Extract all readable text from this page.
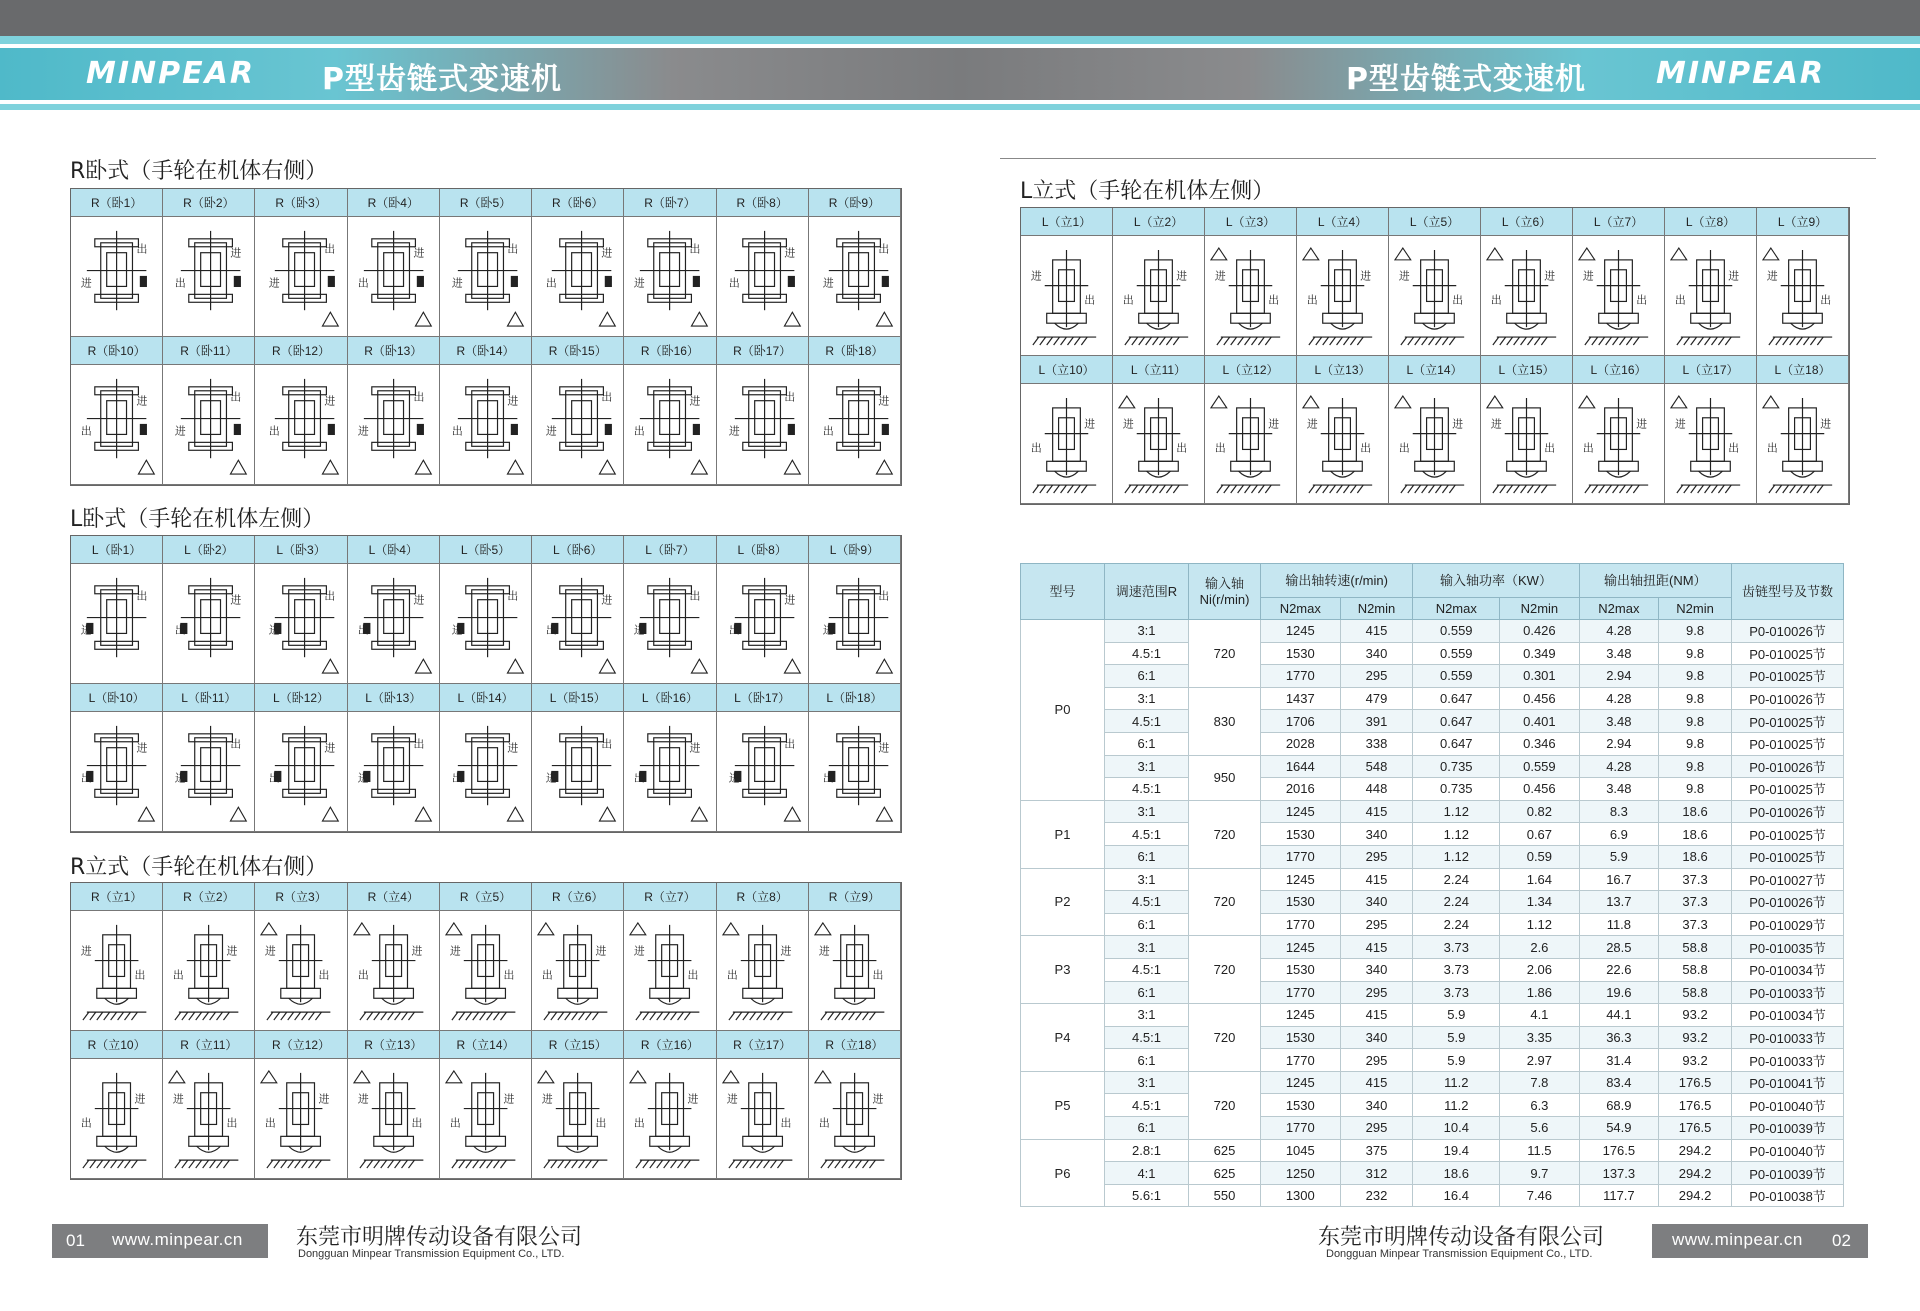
MINPEAR P型齿链式变速机	P型齿链式变速机 MINPEAR
R卧式（手轮在机体右侧）
L卧式（手轮在机体左侧）
R立式（手轮在机体右侧）
R（卧1）	R（卧2）	R（卧3）	R（卧4）	R（卧5）	R（卧6）	R（卧7）	R（卧8）	R（卧9）
进
出	进
出	进
出	进
出	进
出	进
出	进
出	进
出	进
出
R（卧10）	R（卧11）	R（卧12）	R（卧13）	R（卧14）	R（卧15）	R（卧16）	R（卧17）	R（卧18）
进
出	进
出	进
出	进
出	进
出	进
出	进
出	进
出	进
出
L（卧1）	L（卧2）	L（卧3）	L（卧4）	L（卧5）	L（卧6）	L（卧7）	L（卧8）	L（卧9）
进
出	进
出	进
出	进
出	进
出	进
出	进
出	进
出	进
出
L（卧10）	L（卧11）	L（卧12）	L（卧13）	L（卧14）	L（卧15）	L（卧16）	L（卧17）	L（卧18）
进
出	进
出	进
出	进
出	进
出	进
出	进
出	进
出	进
出
R（立1）	R（立2）	R（立3）	R（立4）	R（立5）	R（立6）	R（立7）	R（立8）	R（立9）
进
出
进
出
进
出
进
出
进
出
进
出
进
出
进
出
进
出
R（立10）	R（立11）	R（立12）	R（立13）	R（立14）	R（立15）	R（立16）	R（立17）	R（立18）
进
出
进
出
进
出
进
出
进
出
进
出
进
出
进
出
进
出
L立式（手轮在机体左侧）
L（立1）	L（立2）	L（立3）	L（立4）	L（立5）	L（立6）	L（立7）	L（立8）	L（立9）
进
出
进
出
进
出
进
出
进
出
进
出
进
出
进
出
进
出
L（立10）	L（立11）	L（立12）	L（立13）	L（立14）	L（立15）	L（立16）	L（立17）	L（立18）
进
出
进
出
进
出
进
出
进
出
进
出
进
出
进
出
进
出
型号	调速范围R	输入轴Ni(r/min)	输出轴转速(r/min)		输入轴功率（KW）		输出轴扭距(NM）		齿链型号及节数
			N2max	N2min	N2max	N2min	N2max	N2min	
P0	3:1	720	1245	415	0.559	0.426	4.28	9.8	P0-010026节
	4.5:1		1530	340	0.559	0.349	3.48	9.8	P0-010025节
	6:1		1770	295	0.559	0.301	2.94	9.8	P0-010025节
	3:1	830	1437	479	0.647	0.456	4.28	9.8	P0-010026节
	4.5:1		1706	391	0.647	0.401	3.48	9.8	P0-010025节
	6:1		2028	338	0.647	0.346	2.94	9.8	P0-010025节
	3:1	950	1644	548	0.735	0.559	4.28	9.8	P0-010026节
	4.5:1		2016	448	0.735	0.456	3.48	9.8	P0-010025节
P1	3:1	720	1245	415	1.12	0.82	8.3	18.6	P0-010026节
	4.5:1		1530	340	1.12	0.67	6.9	18.6	P0-010025节
	6:1		1770	295	1.12	0.59	5.9	18.6	P0-010025节
P2	3:1	720	1245	415	2.24	1.64	16.7	37.3	P0-010027节
	4.5:1		1530	340	2.24	1.34	13.7	37.3	P0-010026节
	6:1		1770	295	2.24	1.12	11.8	37.3	P0-010029节
P3	3:1	720	1245	415	3.73	2.6	28.5	58.8	P0-010035节
	4.5:1		1530	340	3.73	2.06	22.6	58.8	P0-010034节
	6:1		1770	295	3.73	1.86	19.6	58.8	P0-010033节
P4	3:1	720	1245	415	5.9	4.1	44.1	93.2	P0-010034节
	4.5:1		1530	340	5.9	3.35	36.3	93.2	P0-010033节
	6:1		1770	295	5.9	2.97	31.4	93.2	P0-010033节
P5	3:1	720	1245	415	11.2	7.8	83.4	176.5	P0-010041节
	4.5:1		1530	340	11.2	6.3	68.9	176.5	P0-010040节
	6:1		1770	295	10.4	5.6	54.9	176.5	P0-010039节
P6	2.8:1	625	1045	375	19.4	11.5	176.5	294.2	P0-010040节
	4:1	625	1250	312	18.6	9.7	137.3	294.2	P0-010039节
	5.6:1	550	1300	232	16.4	7.46	117.7	294.2	P0-010038节
01 www.minpear.cn 东莞市明牌传动设备有限公司
Dongguan Minpear Transmission Equipment Co., LTD.
东莞市明牌传动设备有限公司
Dongguan Minpear Transmission Equipment Co., LTD.
www.minpear.cn 02
